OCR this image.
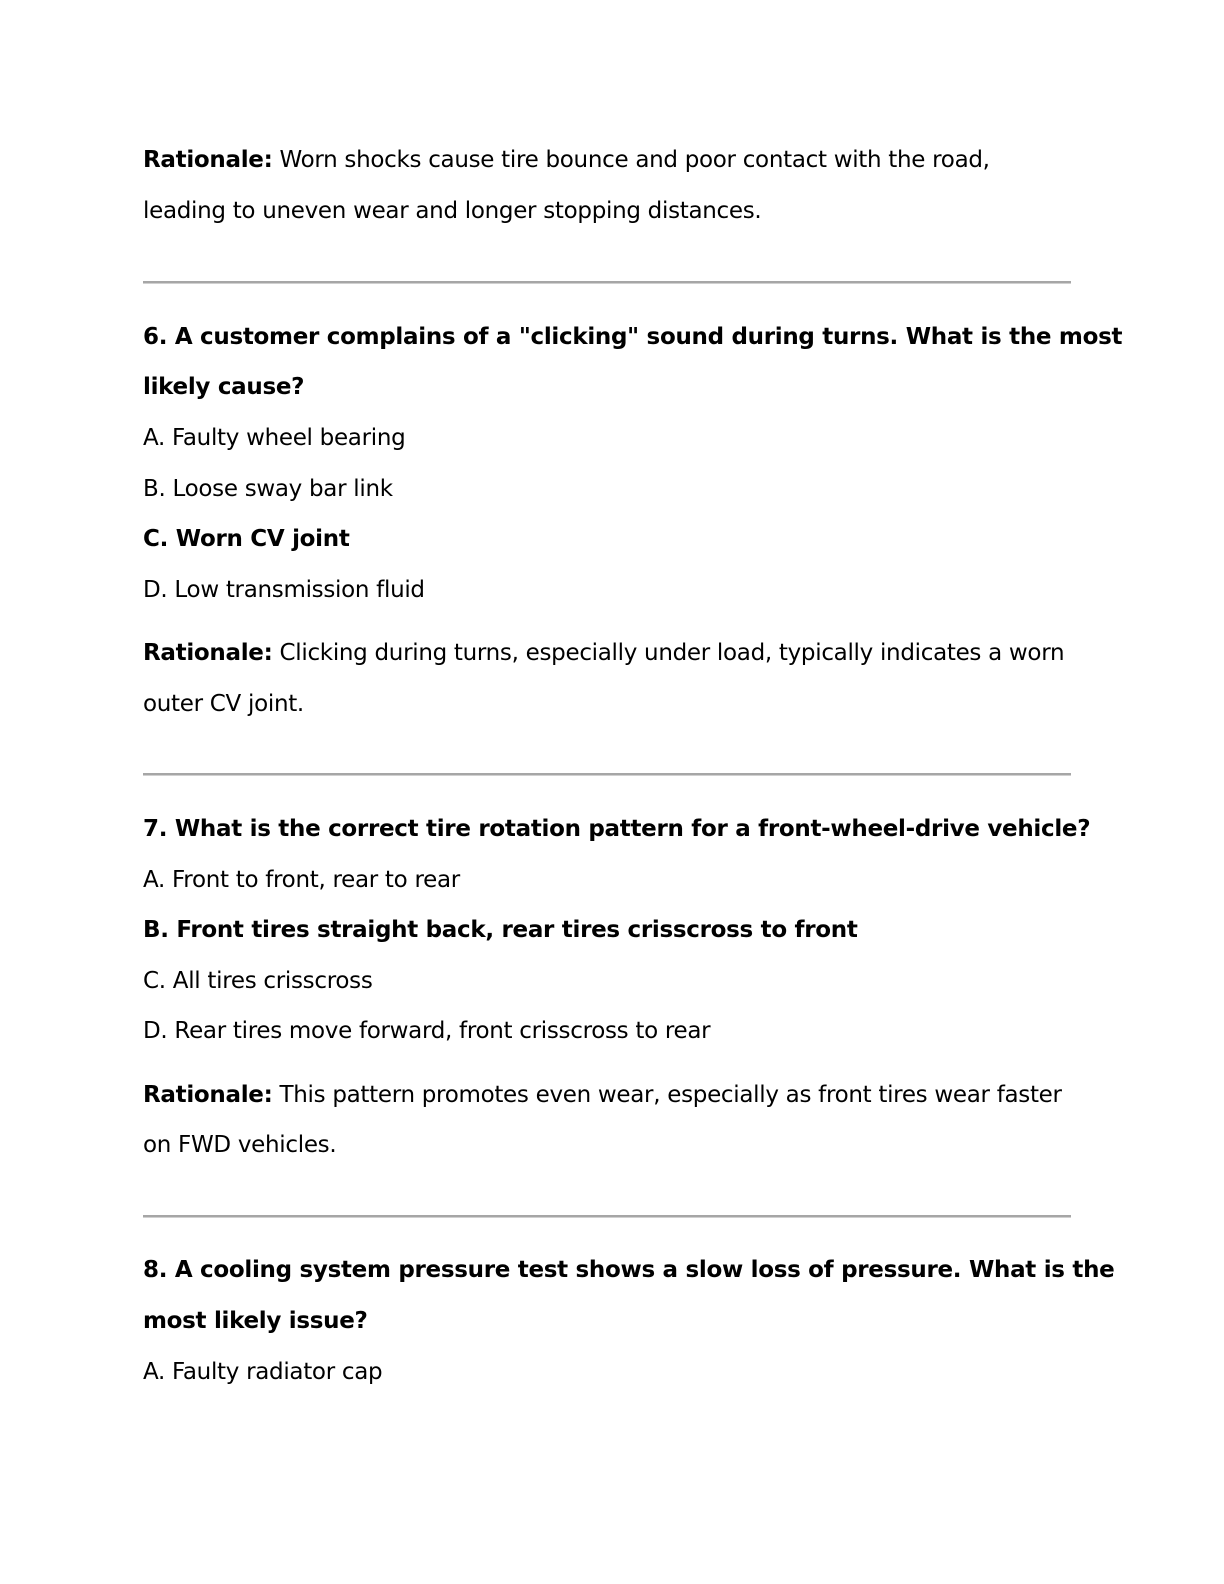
Rationale: Worn shocks cause tire bounce and poor contact with the road,
leading to uneven wear and longer stopping distances.
6. A customer complains of a "clicking" sound during turns. What is the most
likely cause?
A. Faulty wheel bearing
B. Loose sway bar link
C. Worn CV joint
D. Low transmission fluid
Rationale: Clicking during turns, especially under load, typically indicates a worn
outer CV joint.
7. What is the correct tire rotation pattern for a front-wheel-drive vehicle?
A. Front to front, rear to rear
B. Front tires straight back, rear tires crisscross to front
C. All tires crisscross
D. Rear tires move forward, front crisscross to rear
Rationale: This pattern promotes even wear, especially as front tires wear faster
on FWD vehicles.
8. A cooling system pressure test shows a slow loss of pressure. What is the
most likely issue?
A. Faulty radiator cap
